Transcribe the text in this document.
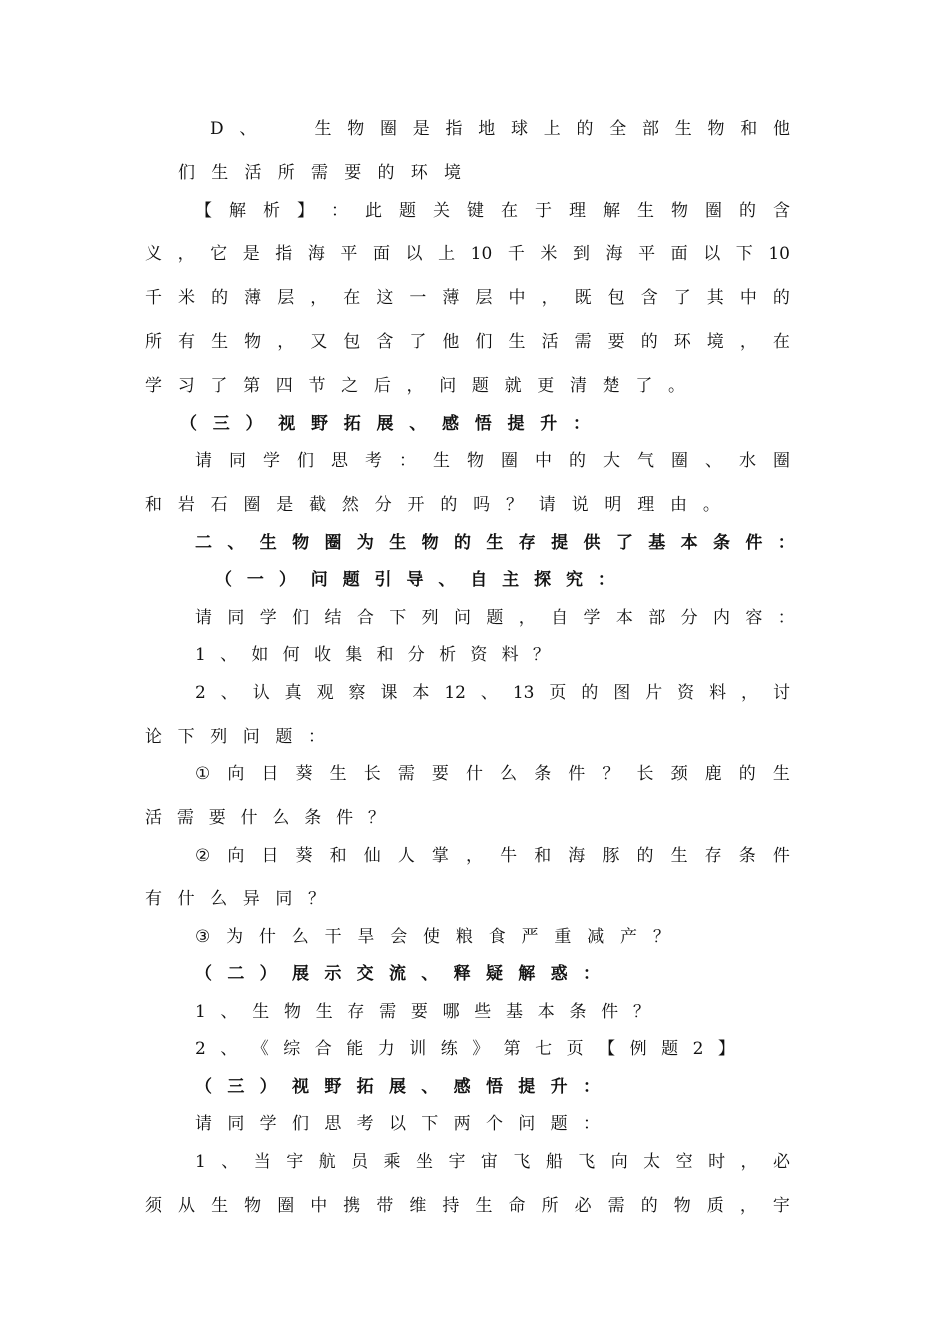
D 、

	生 物 圈 是 指 地 球 上 的 全 部 生 物 和 他
们 生 活 所 需 要 的 环 境
【 解 析 】 ： 此 题 关 键 在 于 理 解 生 物 圈 的 含
义 ， 它 是 指 海 平 面 以 上 10 千 米 到 海 平 面 以 下 10
千 米 的 薄 层 ， 在 这 一 薄 层 中 ， 既 包 含 了 其 中 的
所 有 生 物 ， 又 包 含 了 他 们 生 活 需 要 的 环 境 ， 在
学 习 了 第 四 节 之 后 ， 问 题 就 更 清 楚 了 。
（ 三 ） 视 野 拓 展 、 感 悟 提 升 ：
请 同 学 们 思 考 ： 生 物 圈 中 的 大 气 圈 、 水 圈
和 岩 石 圈 是 截 然 分 开 的 吗 ？ 请 说 明 理 由 。
二 、 生 物 圈 为 生 物 的 生 存 提 供 了 基 本 条 件 ：
（ 一 ） 问 题 引 导 、 自 主 探 究 ：
请 同 学 们 结 合 下 列 问 题 ， 自 学 本 部 分 内 容 ：
1 、 如 何 收 集 和 分 析 资 料 ？
2 、 认 真 观 察 课 本 12 、 13 页 的 图 片 资 料 ， 讨
论 下 列 问 题 ：
① 向 日 葵 生 长 需 要 什 么 条 件 ？ 长 颈 鹿 的 生
活 需 要 什 么 条 件 ？
② 向 日 葵 和 仙 人 掌 ， 牛 和 海 豚 的 生 存 条 件
有 什 么 异 同 ？
③ 为 什 么 干 旱 会 使 粮 食 严 重 减 产 ？
（ 二 ） 展 示 交 流 、 释 疑 解 惑 ：
1 、 生 物 生 存 需 要 哪 些 基 本 条 件 ？
2 、 《 综 合 能 力 训 练 》 第 七 页 【 例 题 2 】
（ 三 ） 视 野 拓 展 、 感 悟 提 升 ：
请 同 学 们 思 考 以 下 两 个 问 题 ：
1 、 当 宇 航 员 乘 坐 宇 宙 飞 船 飞 向 太 空 时 ， 必
须 从 生 物 圈 中 携 带 维 持 生 命 所 必 需 的 物 质 ， 宇
